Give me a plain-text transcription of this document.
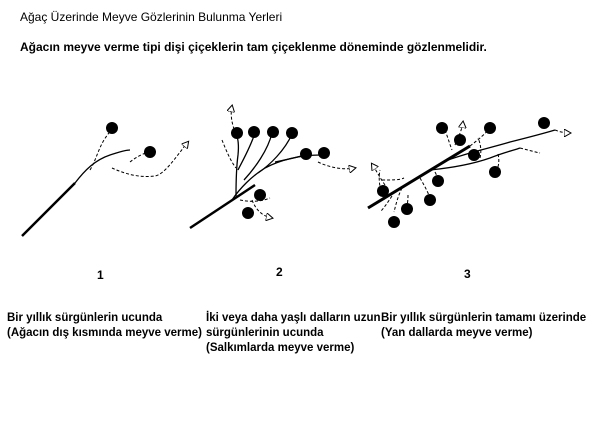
Ağaç Üzerinde Meyve Gözlerinin Bulunma Yerleri
Ağacın meyve verme tipi dişi çiçeklerin tam çiçeklenme döneminde gözlenmelidir.
1	2	3
Bir yıllık sürgünlerin ucunda
(Ağacın dış kısmında meyve verme)
İki veya daha yaşlı dalların uzun
sürgünlerinin ucunda
(Salkımlarda meyve verme)
Bir yıllık sürgünlerin tamamı üzerinde
(Yan dallarda meyve verme)
